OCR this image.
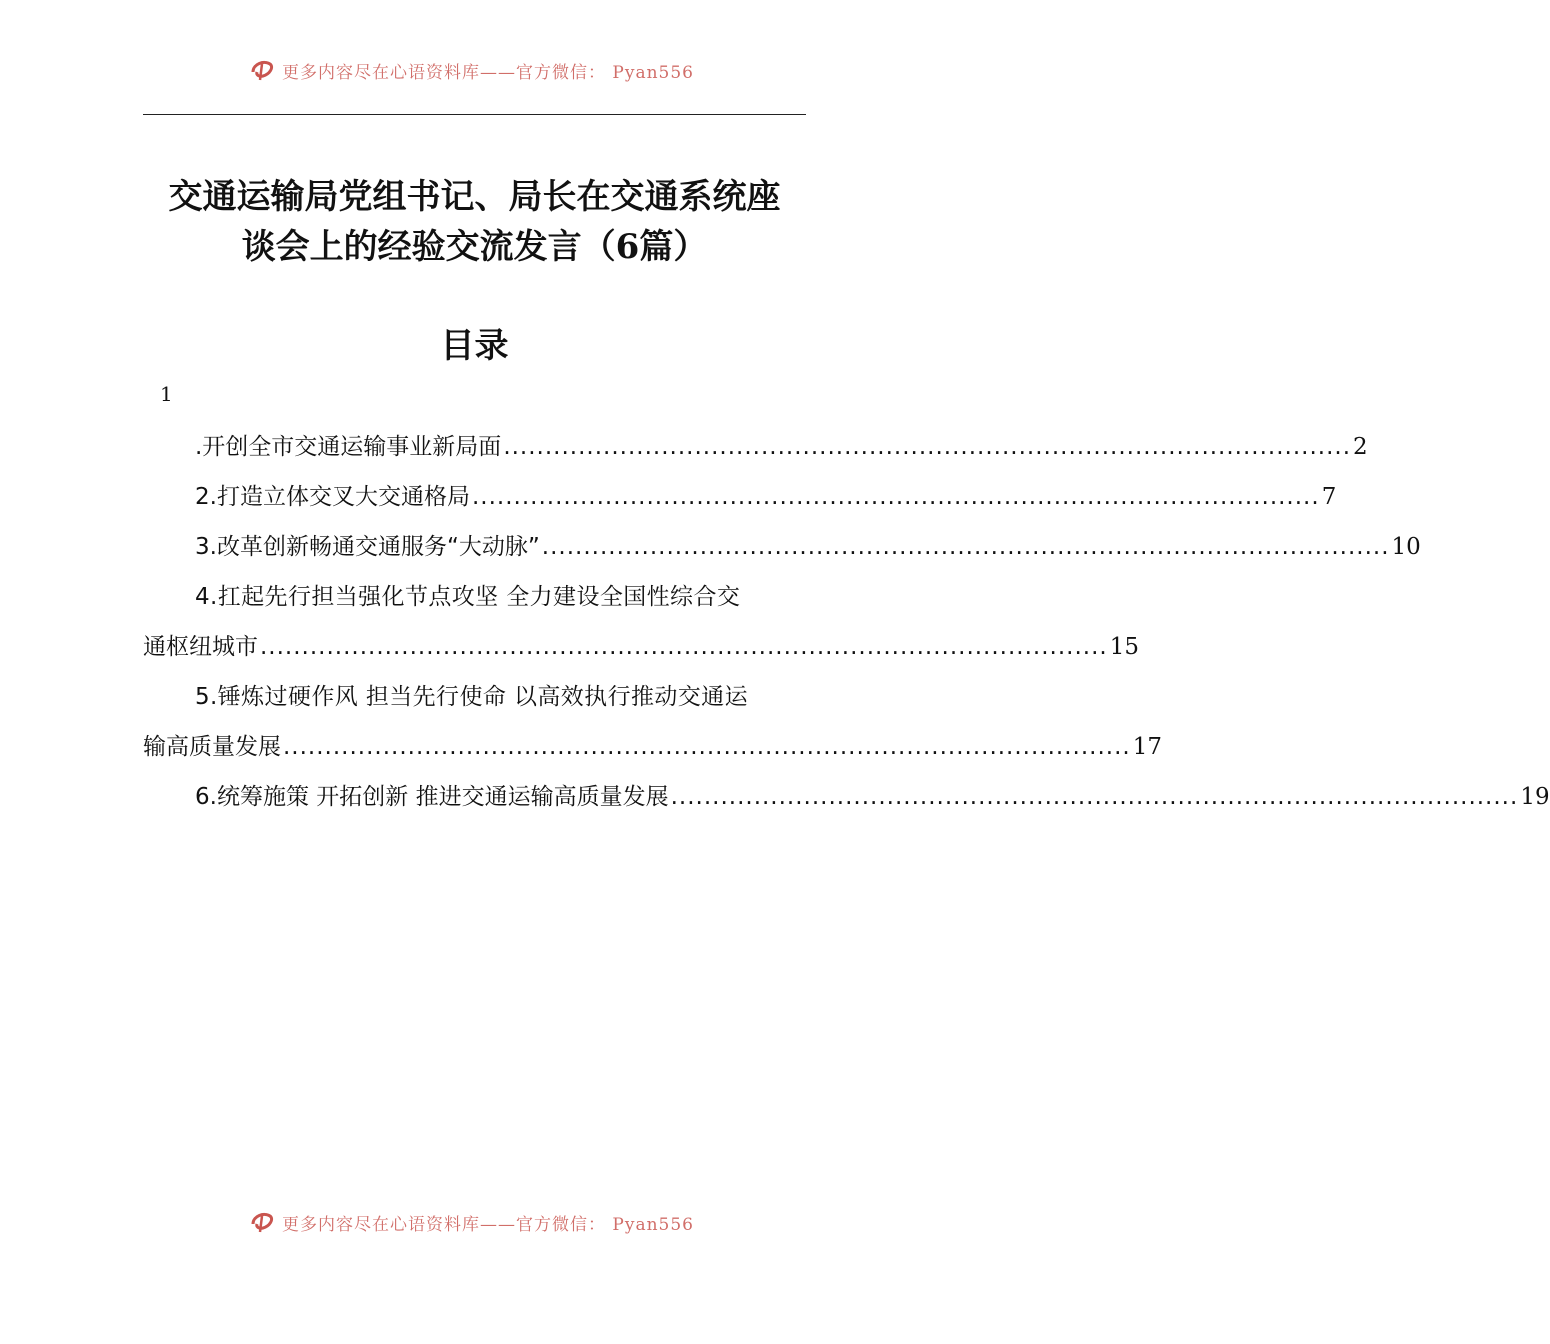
更多内容尽在心语资料库——官方微信： Pyan556
交通运输局党组书记、局长在交通系统座
谈会上的经验交流发言（6篇）
目录
1
.开创全市交通运输事业新局面 ...................................................................................................... 2
2.打造立体交叉大交通格局 ...................................................................................................... 7
3.改革创新畅通交通服务“大动脉” ...................................................................................................... 10
4.扛起先行担当强化节点攻坚 全力建设全国性综合交
通枢纽城市 ...................................................................................................... 15
5.锤炼过硬作风 担当先行使命 以高效执行推动交通运
输高质量发展 ...................................................................................................... 17
6.统筹施策 开拓创新 推进交通运输高质量发展 ...................................................................................................... 19
更多内容尽在心语资料库——官方微信： Pyan556
